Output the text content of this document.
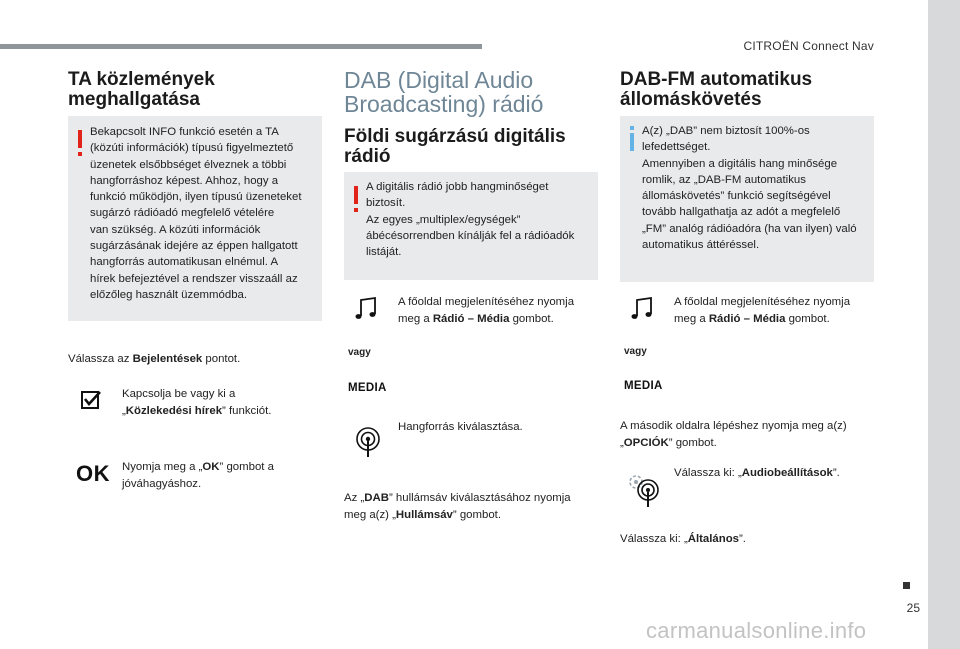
CITROËN Connect Nav
25
carmanualsonline.info
TA közlemények
meghallgatása
Bekapcsolt INFO funkció esetén a TA
(közúti információk) típusú figyelmeztető
üzenetek elsőbbséget élveznek a többi
hangforráshoz képest. Ahhoz, hogy a
funkció működjön, ilyen típusú üzeneteket
sugárzó rádióadó megfelelő vételére
van szükség. A közúti információk
sugárzásának idejére az éppen hallgatott
hangforrás automatikusan elnémul. A
hírek befejeztével a rendszer visszaáll az
előzőleg használt üzemmódba.
Válassza az Bejelentések pontot.
Kapcsolja be vagy ki a
„Közlekedési hírek” funkciót.
OK Nyomja meg a „OK” gombot a
jóváhagyáshoz.
DAB (Digital Audio
Broadcasting) rádió
Földi sugárzású digitális
rádió
A digitális rádió jobb hangminőséget
biztosít.
Az egyes „multiplex/egységek”
ábécésorrendben kínálják fel a rádióadók
listáját.
A főoldal megjelenítéséhez nyomja
meg a Rádió – Média gombot.
vagy
MEDIA
Hangforrás kiválasztása.
Az „DAB” hullámsáv kiválasztásához nyomja
meg a(z) „Hullámsáv” gombot.
DAB-FM automatikus
állomáskövetés
A(z) „DAB” nem biztosít 100%-os
lefedettséget.
Amennyiben a digitális hang minősége
romlik, az „DAB-FM automatikus
állomáskövetés” funkció segítségével
tovább hallgathatja az adót a megfelelő
„FM” analóg rádióadóra (ha van ilyen) való
automatikus áttéréssel.
A főoldal megjelenítéséhez nyomja
meg a Rádió – Média gombot.
vagy
MEDIA
A második oldalra lépéshez nyomja meg a(z)
„OPCIÓK” gombot.
Válassza ki: „Audiobeállítások”.
Válassza ki: „Általános”.
